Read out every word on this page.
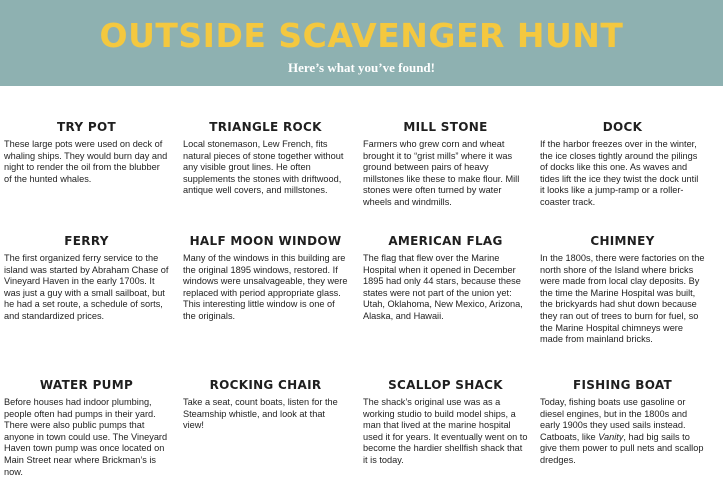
OUTSIDE SCAVENGER HUNT
Here’s what you’ve found!
TRY POT

These large pots were used on deck of whaling ships. They would burn day and night to render the oil from the blubber of the hunted whales.

TRIANGLE ROCK

Local stonemason, Lew French, fits natural pieces of stone together without any visible grout lines. He often supplements the stones with driftwood, antique well covers, and millstones.

MILL STONE

Farmers who grew corn and wheat brought it to “grist mills” where it was ground between pairs of heavy millstones like these to make flour. Mill stones were often turned by water wheels and windmills.

DOCK

If the harbor freezes over in the winter, the ice closes tightly around the pilings of docks like this one. As waves and tides lift the ice they twist the dock until it looks like a jump-ramp or a roller-coaster track.

FERRY

The first organized ferry service to the island was started by Abraham Chase of Vineyard Haven in the early 1700s. It was just a guy with a small sailboat, but he had a set route, a schedule of sorts, and standardized prices.

HALF MOON WINDOW

Many of the windows in this building are the original 1895 windows, restored. If windows were unsalvageable, they were replaced with period appropriate glass. This interesting little window is one of the originals.

AMERICAN FLAG

The flag that flew over the Marine Hospital when it opened in December 1895 had only 44 stars, because these states were not part of the union yet: Utah, Oklahoma, New Mexico, Arizona, Alaska, and Hawaii.

CHIMNEY

In the 1800s, there were factories on the north shore of the Island where bricks were made from local clay deposits. By the time the Marine Hospital was built, the brickyards had shut down because they ran out of trees to burn for fuel, so the Marine Hospital chimneys were made from mainland bricks.

WATER PUMP

Before houses had indoor plumbing, people often had pumps in their yard. There were also public pumps that anyone in town could use. The Vineyard Haven town pump was once located on Main Street near where Brickman’s is now.

ROCKING CHAIR

Take a seat, count boats, listen for the Steamship whistle, and look at that view!

SCALLOP SHACK

The shack’s original use was as a working studio to build model ships, a man that lived at the marine hospital used it for years. It eventually went on to become the hardier shellfish shack that it is today.

FISHING BOAT

Today, fishing boats use gasoline or diesel engines, but in the 1800s and early 1900s they used sails instead. Catboats, like Vanity, had big sails to give them power to pull nets and scallop dredges.
